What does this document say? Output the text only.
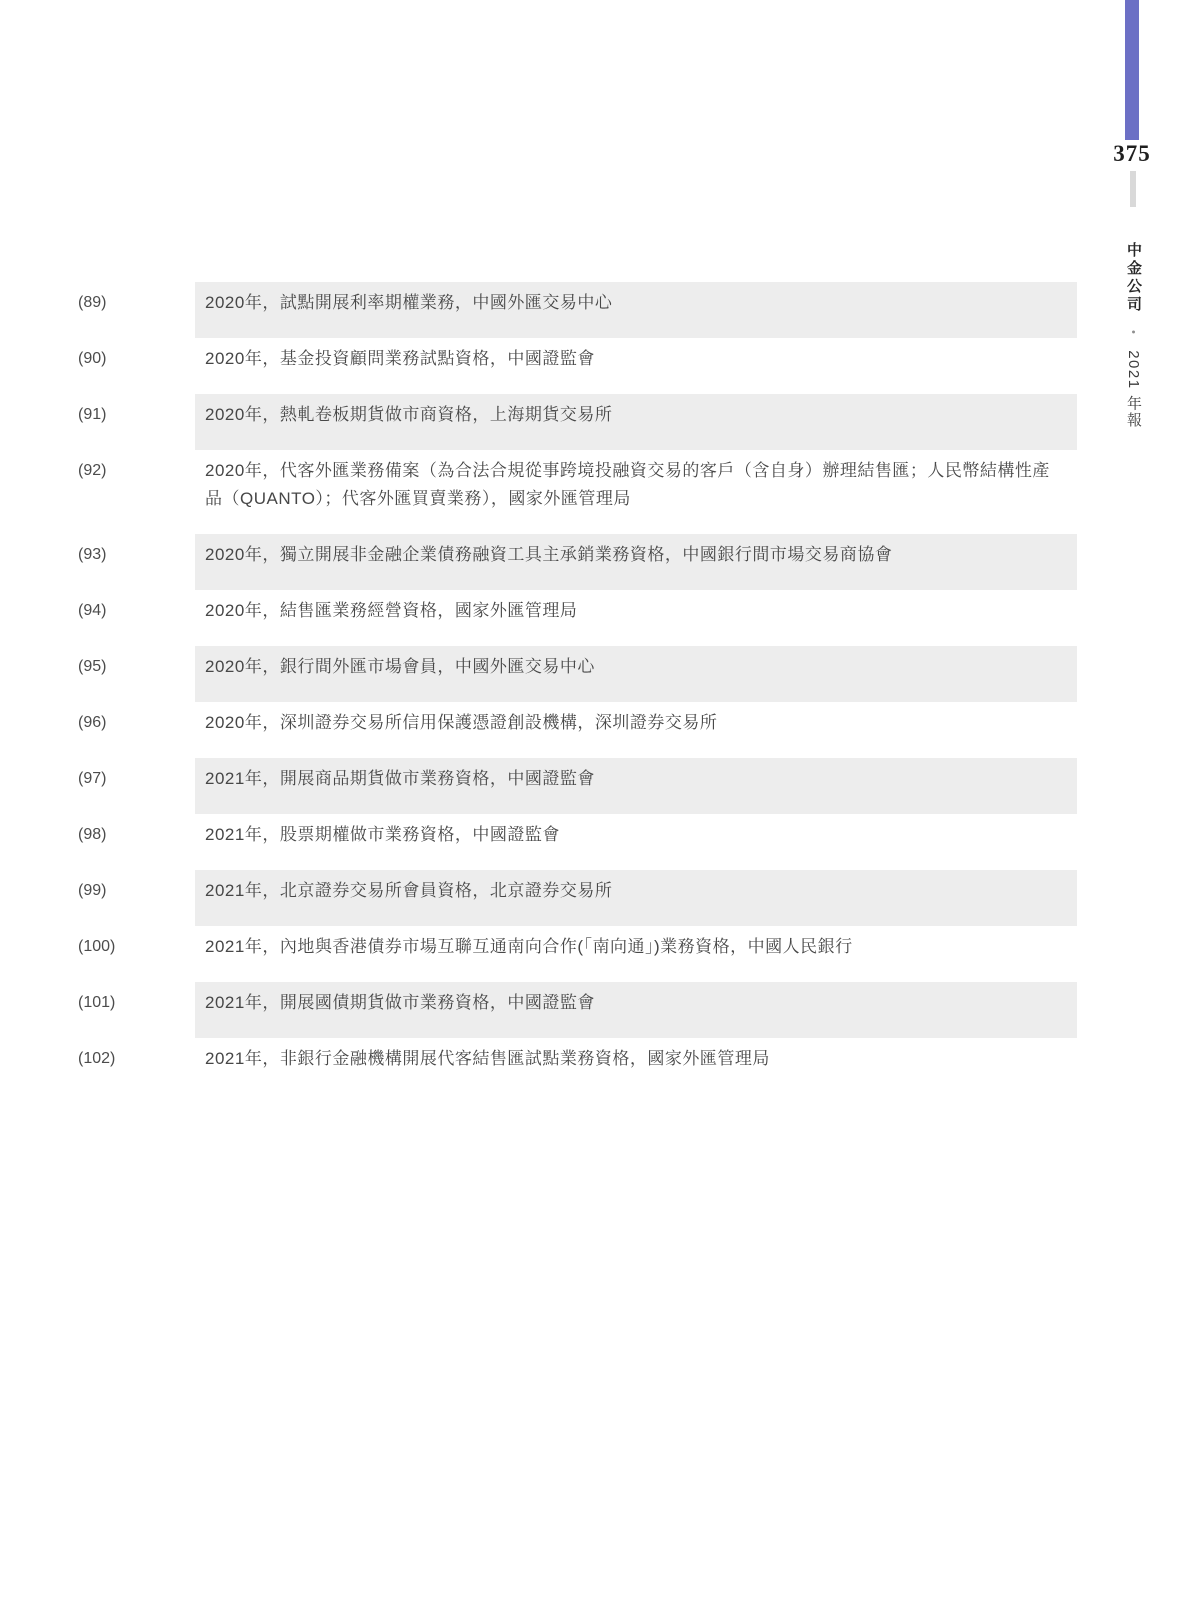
375
中金公司 • 2021 年報
(89)	2020年，試點開展利率期權業務，中國外匯交易中心
(90)	2020年，基金投資顧問業務試點資格，中國證監會
(91)	2020年，熱軋卷板期貨做市商資格，上海期貨交易所
(92)	2020年，代客外匯業務備案（為合法合規從事跨境投融資交易的客戶（含自身）辦理結售匯；人民幣結構性產品（QUANTO）；代客外匯買賣業務），國家外匯管理局
(93)	2020年，獨立開展非金融企業債務融資工具主承銷業務資格，中國銀行間市場交易商協會
(94)	2020年，結售匯業務經營資格，國家外匯管理局
(95)	2020年，銀行間外匯市場會員，中國外匯交易中心
(96)	2020年，深圳證券交易所信用保護憑證創設機構，深圳證券交易所
(97)	2021年，開展商品期貨做市業務資格，中國證監會
(98)	2021年，股票期權做市業務資格，中國證監會
(99)	2021年，北京證券交易所會員資格，北京證券交易所
(100)	2021年，內地與香港債券市場互聯互通南向合作(「南向通」)業務資格，中國人民銀行
(101)	2021年，開展國債期貨做市業務資格，中國證監會
(102)	2021年，非銀行金融機構開展代客結售匯試點業務資格，國家外匯管理局
